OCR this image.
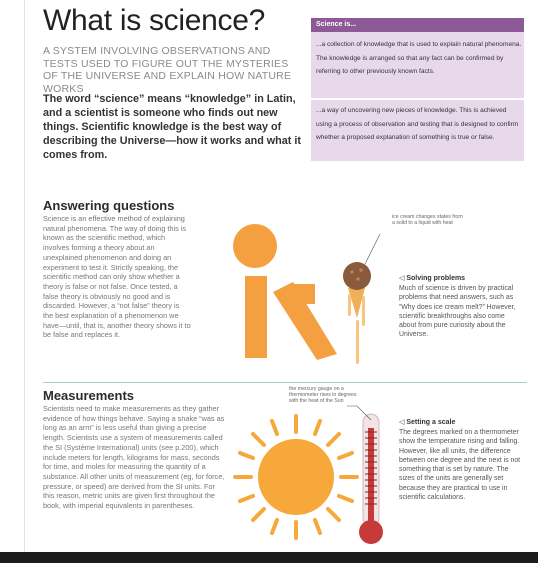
What is science?
A SYSTEM INVOLVING OBSERVATIONS AND TESTS USED TO FIGURE OUT THE MYSTERIES OF THE UNIVERSE AND EXPLAIN HOW NATURE WORKS
The word “science” means “knowledge” in Latin, and a scientist is someone who finds out new things. Scientific knowledge is the best way of describing the Universe—how it works and what it comes from.
Science is...
...a collection of knowledge that is used to explain natural phenomena. The knowledge is arranged so that any fact can be confirmed by referring to other previously known facts.
...a way of uncovering new pieces of knowledge. This is achieved using a process of observation and testing that is designed to confirm whether a proposed explanation of something is true or false.
Answering questions
Science is an effective method of explaining natural phenomena. The way of doing this is known as the scientific method, which involves forming a theory about an unexplained phenomenon and doing an experiment to test it. Strictly speaking, the scientific method can only show whether a theory is false or not false. Once tested, a false theory is obviously no good and is discarded. However, a “not false” theory is the best explanation of a phenomenon we have—until, that is, another theory shows it to be false and replaces it.
ice cream changes states from a solid to a liquid with heat
◁ Solving problems
Much of science is driven by practical problems that need answers, such as “Why does ice cream melt?” However, scientific breakthroughs also come about from pure curiosity about the Universe.
Measurements
Scientists need to make measurements as they gather evidence of how things behave. Saying a snake “was as long as an arm” is less useful than giving a precise length. Scientists use a system of measurements called the SI (Système International) units (see p.200), which include meters for length, kilograms for mass, seconds for time, and moles for measuring the quantity of a substance. All other units of measurement (eg, for force, pressure, or speed) are derived from the SI units. For this reason, metric units are given first throughout the book, with imperial equivalents in parentheses.
the mercury gauge on a thermometer rises in degrees with the heat of the Sun
◁ Setting a scale
The degrees marked on a thermometer show the temperature rising and falling. However, like all units, the difference between one degree and the next is not something that is set by nature. The sizes of the units are generally set because they are practical to use in scientific calculations.
